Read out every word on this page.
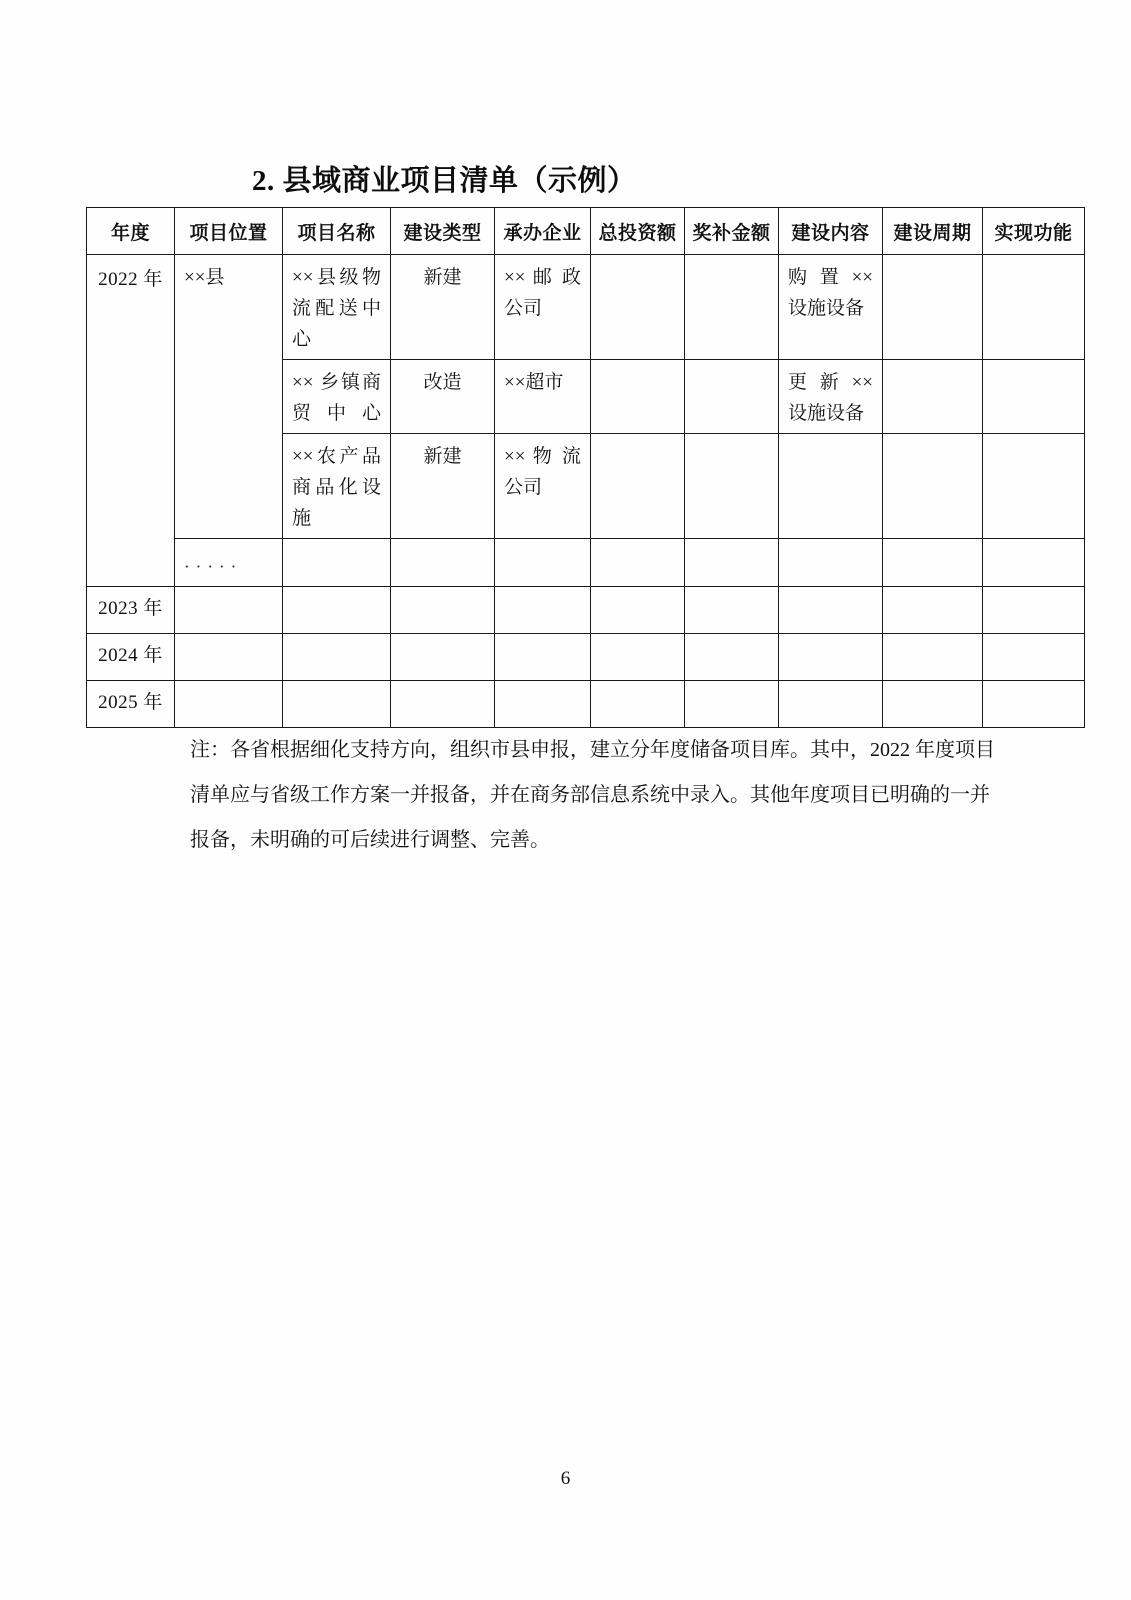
2. 县域商业项目清单（示例）
年度	项目位置	项目名称	建设类型	承办企业	总投资额	奖补金额	建设内容	建设周期	实现功能

2022 年	××县	××县级物流配送中心	新建	×× 邮 政公司			购 置 ××设施设备		

		×× 乡镇商贸中心	改造	××超市			更 新 ××设施设备		

		××农产品商品化设施	新建	×× 物 流公司					

	·····								

2023 年									

2024 年									

2025 年									

注：各省根据细化支持方向，组织市县申报，建立分年度储备项目库。其中，2022 年度项目

清单应与省级工作方案一并报备，并在商务部信息系统中录入。其他年度项目已明确的一并

报备，未明确的可后续进行调整、完善。

6
